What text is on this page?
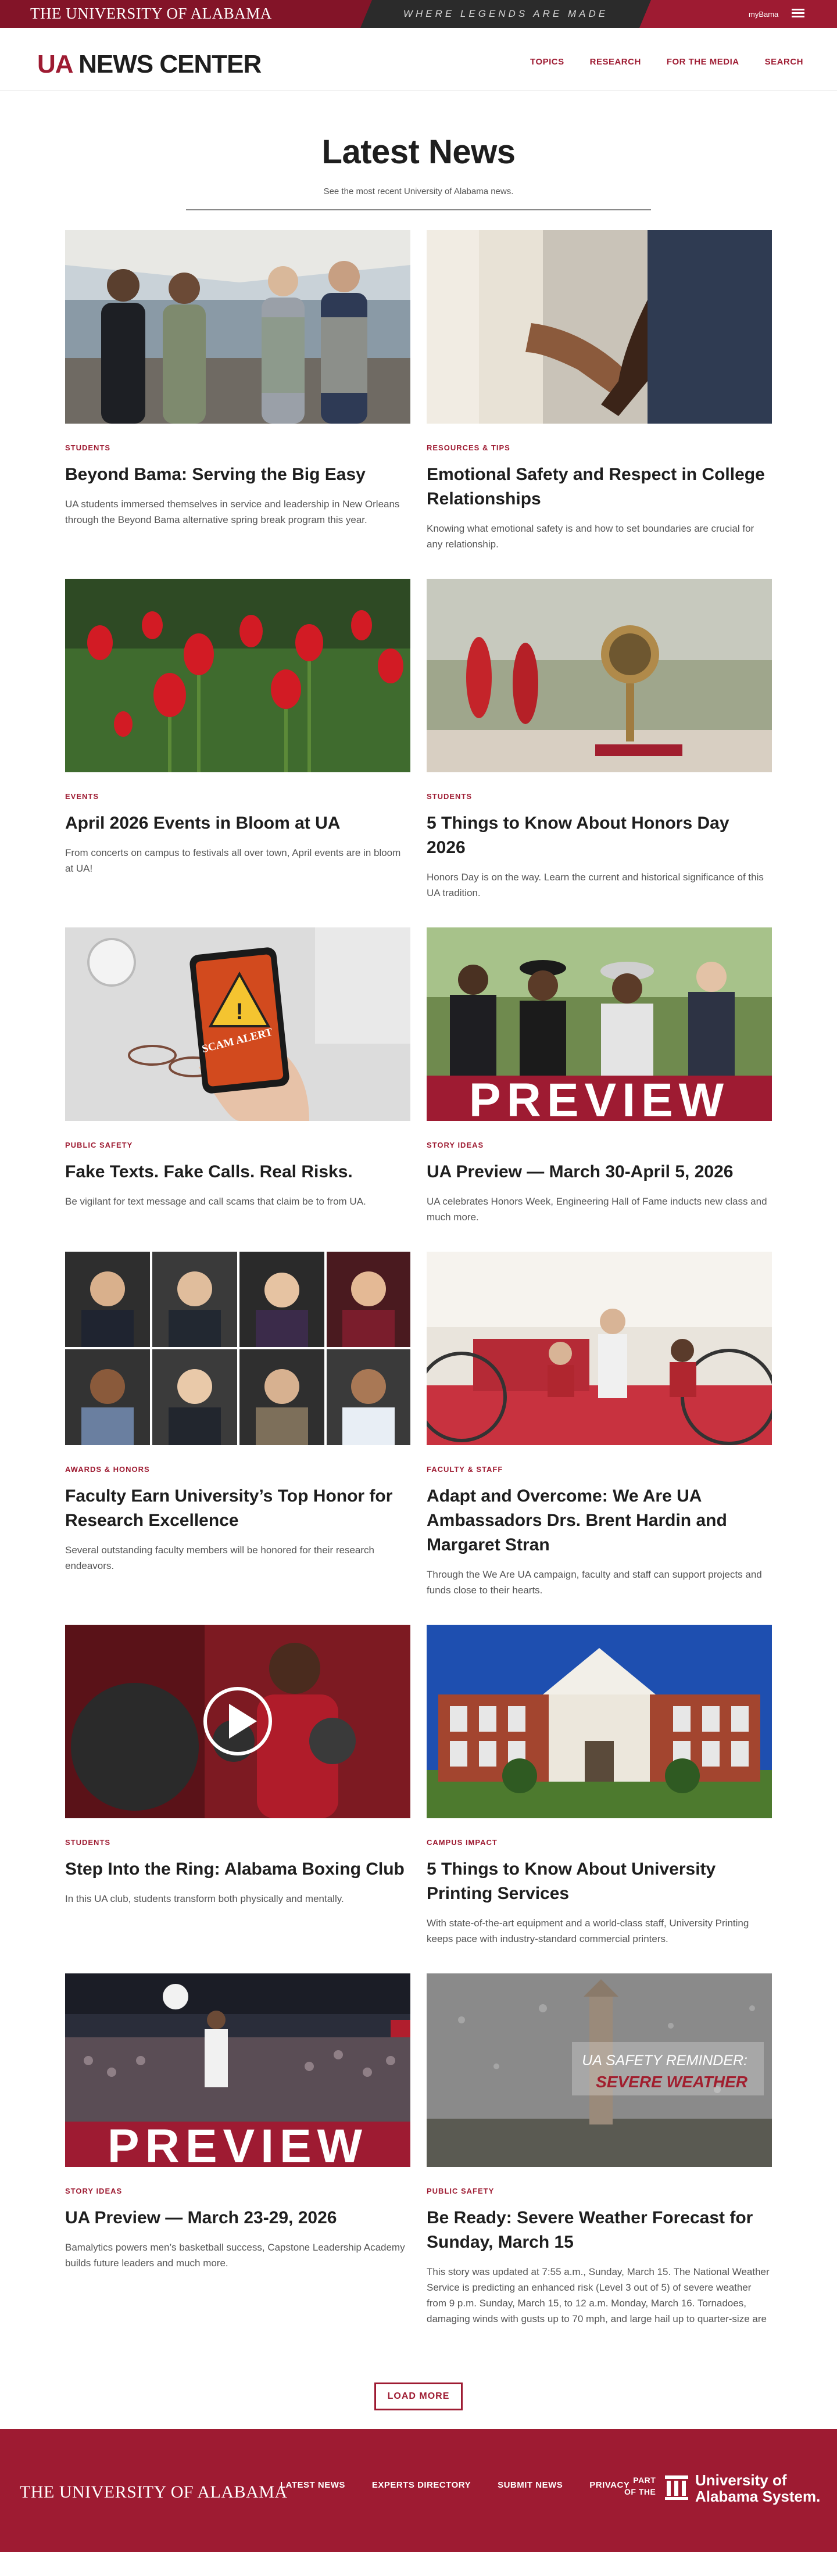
THE UNIVERSITY OF ALABAMA	WHERE LEGENDS ARE MADE	myBama
UA NEWS CENTER	TOPICS	RESEARCH	FOR THE MEDIA	SEARCH
Latest News

See the most recent University of Alabama news.

STUDENTS
Beyond Bama: Serving the Big Easy

UA students immersed themselves in service and leadership in New Orleans through the Beyond Bama alternative spring break program this year.

RESOURCES & TIPS
Emotional Safety and Respect in College Relationships

Knowing what emotional safety is and how to set boundaries are crucial for any relationship.

EVENTS
April 2026 Events in Bloom at UA

From concerts on campus to festivals all over town, April events are in bloom at UA!

STUDENTS
5 Things to Know About Honors Day 2026

Honors Day is on the way. Learn the current and historical significance of this UA tradition.

!
SCAM ALERT
PUBLIC SAFETY
Fake Texts. Fake Calls. Real Risks.

Be vigilant for text message and call scams that claim be to from UA.

PREVIEW
STORY IDEAS
UA Preview — March 30-April 5, 2026

UA celebrates Honors Week, Engineering Hall of Fame inducts new class and much more.

AWARDS & HONORS
Faculty Earn University’s Top Honor for Research Excellence

Several outstanding faculty members will be honored for their research endeavors.

FACULTY & STAFF
Adapt and Overcome: We Are UA Ambassadors Drs. Brent Hardin and Margaret Stran

Through the We Are UA campaign, faculty and staff can support projects and funds close to their hearts.

STUDENTS
Step Into the Ring: Alabama Boxing Club

In this UA club, students transform both physically and mentally.

CAMPUS IMPACT
5 Things to Know About University Printing Services

With state-of-the-art equipment and a world-class staff, University Printing keeps pace with industry-standard commercial printers.

PREVIEW
STORY IDEAS
UA Preview — March 23-29, 2026

Bamalytics powers men’s basketball success, Capstone Leadership Academy builds future leaders and much more.

UA SAFETY REMINDER:
SEVERE WEATHER
PUBLIC SAFETY
Be Ready: Severe Weather Forecast for Sunday, March 15

This story was updated at 7:55 a.m., Sunday, March 15. The National Weather Service is predicting an enhanced risk (Level 3 out of 5) of severe weather from 9 p.m. Sunday, March 15, to 12 a.m. Monday, March 16. Tornadoes, damaging winds with gusts up to 70 mph, and large hail up to quarter-size are

LOAD MORE
THE UNIVERSITY OF ALABAMA
LATEST NEWS	EXPERTS DIRECTORY	SUBMIT NEWS	PRIVACY PART
OF THE
University of
Alabama System.
